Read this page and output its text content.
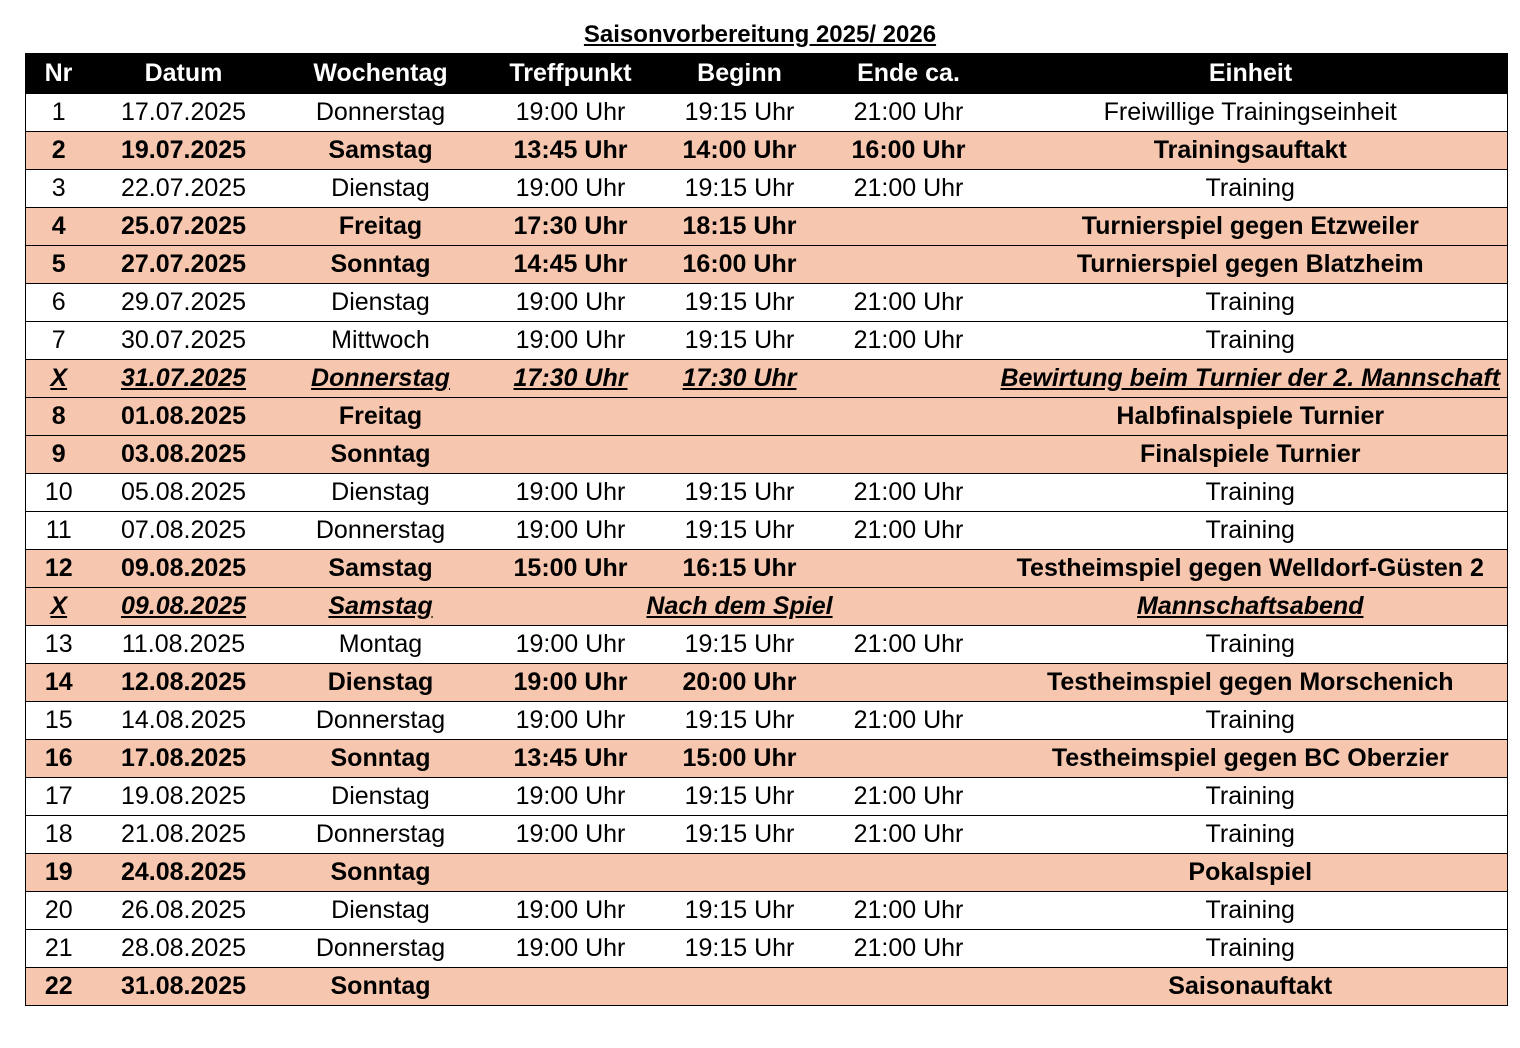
Saisonvorbereitung 2025/ 2026
Nr	Datum	Wochentag	Treffpunkt	Beginn	Ende ca.	Einheit
1	17.07.2025	Donnerstag	19:00 Uhr	19:15 Uhr	21:00 Uhr	Freiwillige Trainingseinheit
2	19.07.2025	Samstag	13:45 Uhr	14:00 Uhr	16:00 Uhr	Trainingsauftakt
3	22.07.2025	Dienstag	19:00 Uhr	19:15 Uhr	21:00 Uhr	Training
4	25.07.2025	Freitag	17:30 Uhr	18:15 Uhr		Turnierspiel gegen Etzweiler
5	27.07.2025	Sonntag	14:45 Uhr	16:00 Uhr		Turnierspiel gegen Blatzheim
6	29.07.2025	Dienstag	19:00 Uhr	19:15 Uhr	21:00 Uhr	Training
7	30.07.2025	Mittwoch	19:00 Uhr	19:15 Uhr	21:00 Uhr	Training
X	31.07.2025	Donnerstag	17:30 Uhr	17:30 Uhr		Bewirtung beim Turnier der 2. Mannschaft
8	01.08.2025	Freitag				Halbfinalspiele Turnier
9	03.08.2025	Sonntag				Finalspiele Turnier
10	05.08.2025	Dienstag	19:00 Uhr	19:15 Uhr	21:00 Uhr	Training
11	07.08.2025	Donnerstag	19:00 Uhr	19:15 Uhr	21:00 Uhr	Training
12	09.08.2025	Samstag	15:00 Uhr	16:15 Uhr		Testheimspiel gegen Welldorf-Güsten 2
X	09.08.2025	Samstag	Nach dem Spiel			Mannschaftsabend
13	11.08.2025	Montag	19:00 Uhr	19:15 Uhr	21:00 Uhr	Training
14	12.08.2025	Dienstag	19:00 Uhr	20:00 Uhr		Testheimspiel gegen Morschenich
15	14.08.2025	Donnerstag	19:00 Uhr	19:15 Uhr	21:00 Uhr	Training
16	17.08.2025	Sonntag	13:45 Uhr	15:00 Uhr		Testheimspiel gegen BC Oberzier
17	19.08.2025	Dienstag	19:00 Uhr	19:15 Uhr	21:00 Uhr	Training
18	21.08.2025	Donnerstag	19:00 Uhr	19:15 Uhr	21:00 Uhr	Training
19	24.08.2025	Sonntag				Pokalspiel
20	26.08.2025	Dienstag	19:00 Uhr	19:15 Uhr	21:00 Uhr	Training
21	28.08.2025	Donnerstag	19:00 Uhr	19:15 Uhr	21:00 Uhr	Training
22	31.08.2025	Sonntag				Saisonauftakt
